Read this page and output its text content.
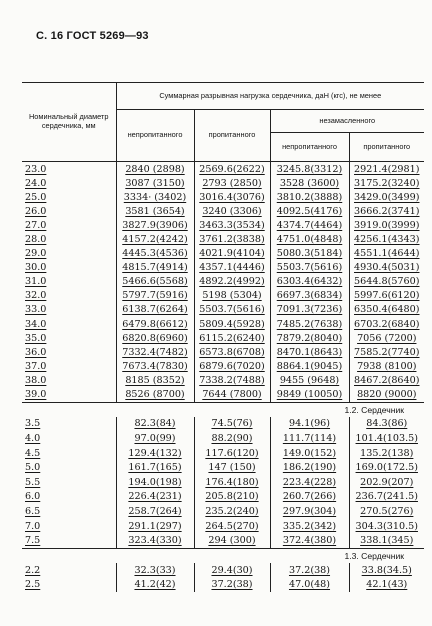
С. 16 ГОСТ 5269—93
Номинальный диаметр сердечника, мм	Суммарная разрывная нагрузка сердечника, даН (кгс), не менее			
	непропитанного	пропитанного	незамасленного	
			непропитанного	пропитанного

23.0	2840 (2898)	2569.6(2622)	3245.8(3312)	2921.4(2981)
24.0	3087 (3150)	2793 (2850)	3528 (3600)	3175.2(3240)
25.0	3334· (3402)	3016.4(3076)	3810.2(3888)	3429.0(3499)
26.0	3581 (3654)	3240 (3306)	4092.5(4176)	3666.2(3741)
27.0	3827.9(3906)	3463.3(3534)	4374.7(4464)	3919.0(3999)
28.0	4157.2(4242)	3761.2(3838)	4751.0(4848)	4256.1(4343)
29.0	4445.3(4536)	4021.9(4104)	5080.3(5184)	4551.1(4644)
30.0	4815.7(4914)	4357.1(4446)	5503.7(5616)	4930.4(5031)
31.0	5466.6(5568)	4892.2(4992)	6303.4(6432)	5644.8(5760)
32.0	5797.7(5916)	5198 (5304)	6697.3(6834)	5997.6(6120)
33.0	6138.7(6264)	5503.7(5616)	7091.3(7236)	6350.4(6480)
34.0	6479.8(6612)	5809.4(5928)	7485.2(7638)	6703.2(6840)
35.0	6820.8(6960)	6115.2(6240)	7879.2(8040)	7056 (7200)
36.0	7332.4(7482)	6573.8(6708)	8470.1(8643)	7585.2(7740)
37.0	7673.4(7830)	6879.6(7020)	8864.1(9045)	7938 (8100)
38.0	8185 (8352)	7338.2(7488)	9455 (9648)	8467.2(8640)
39.0	8526 (8700)	7644 (7800)	9849 (10050)	8820 (9000)

1.2. Сердечник				
3.5	82.3(84)	74.5(76)	94.1(96)	84.3(86)
4.0	97.0(99)	88.2(90)	111.7(114)	101.4(103.5)
4.5	129.4(132)	117.6(120)	149.0(152)	135.2(138)
5.0	161.7(165)	147 (150)	186.2(190)	169.0(172.5)
5.5	194.0(198)	176.4(180)	223.4(228)	202.9(207)
6.0	226.4(231)	205.8(210)	260.7(266)	236.7(241.5)
6.5	258.7(264)	235.2(240)	297.9(304)	270.5(276)
7.0	291.1(297)	264.5(270)	335.2(342)	304.3(310.5)
7.5	323.4(330)	294 (300)	372.4(380)	338.1(345)

1.3. Сердечник				
2.2	32.3(33)	29.4(30)	37.2(38)	33.8(34.5)
2.5	41.2(42)	37.2(38)	47.0(48)	42.1(43)
